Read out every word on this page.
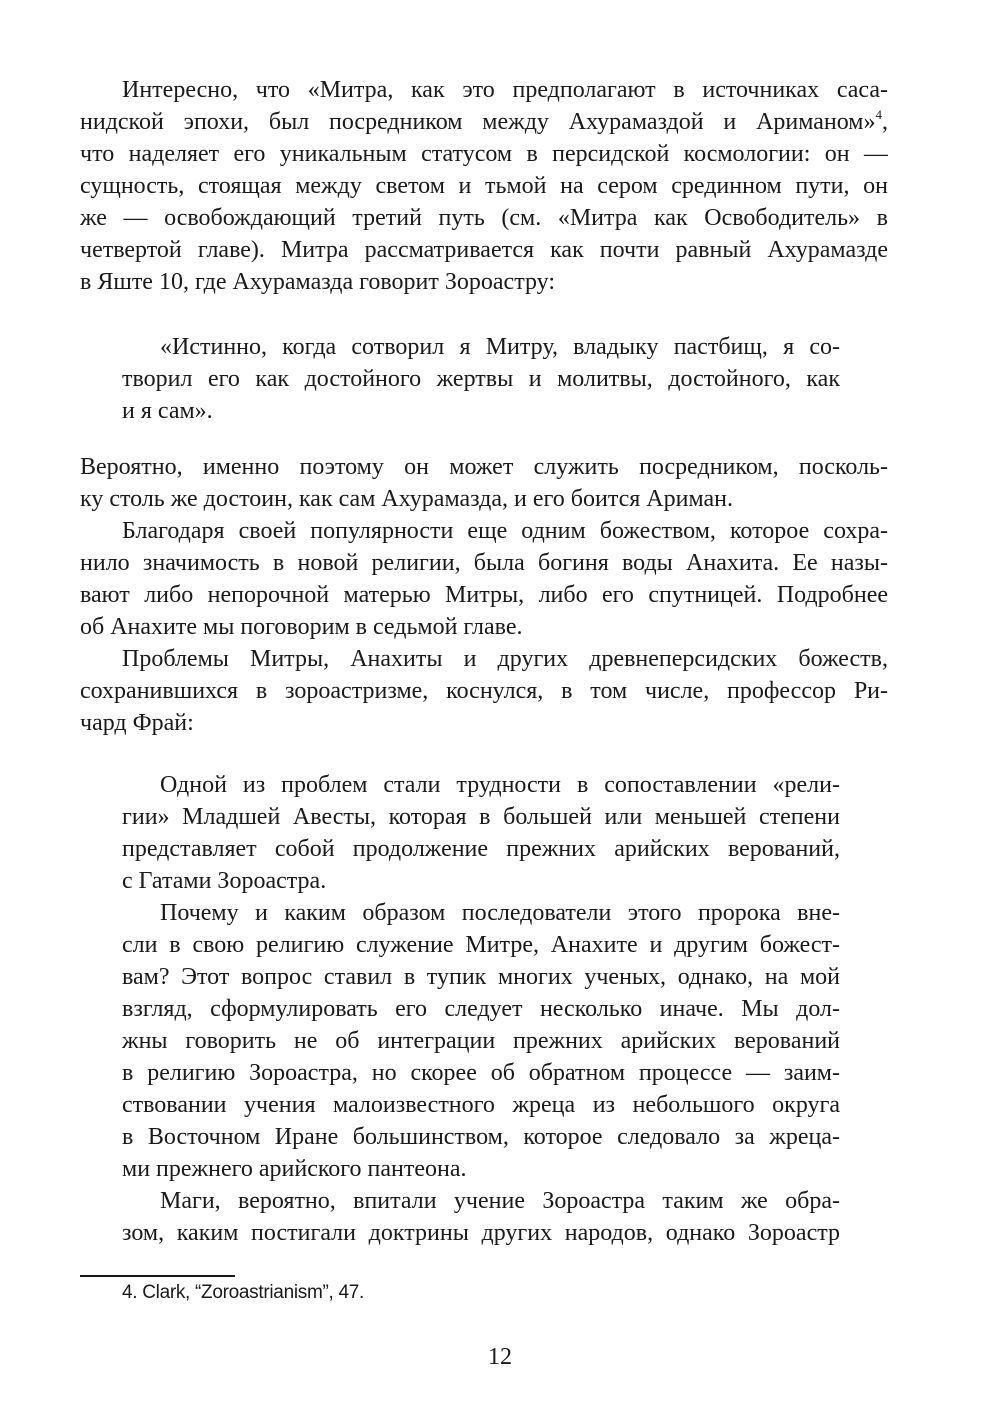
Интересно, что «Митра, как это предполагают в источниках саса-
нидской эпохи, был посредником между Ахурамаздой и Ариманом»$^4$,
что наделяет его уникальным статусом в персидской космологии: он —
сущность, стоящая между светом и тьмой на сером срединном пути, он
же — освобождающий третий путь (см. «Митра как Освободитель» в
четвертой главе). Митра рассматривается как почти равный Ахурамазде
в Яште 10, где Ахурамазда говорит Зороастру:
«Истинно, когда сотворил я Митру, владыку пастбищ, я со-
творил его как достойного жертвы и молитвы, достойного, как
и я сам».
Вероятно, именно поэтому он может служить посредником, посколь-
ку столь же достоин, как сам Ахурамазда, и его боится Ариман.
Благодаря своей популярности еще одним божеством, которое сохра-
нило значимость в новой религии, была богиня воды Анахита. Ее назы-
вают либо непорочной матерью Митры, либо его спутницей. Подробнее
об Анахите мы поговорим в седьмой главе.
Проблемы Митры, Анахиты и других древнеперсидских божеств,
сохранившихся в зороастризме, коснулся, в том числе, профессор Ри-
чард Фрай:
Одной из проблем стали трудности в сопоставлении «рели-
гии» Младшей Авесты, которая в большей или меньшей степени
представляет собой продолжение прежних арийских верований,
с Гатами Зороастра.
Почему и каким образом последователи этого пророка вне-
сли в свою религию служение Митре, Анахите и другим божест-
вам? Этот вопрос ставил в тупик многих ученых, однако, на мой
взгляд, сформулировать его следует несколько иначе. Мы дол-
жны говорить не об интеграции прежних арийских верований
в религию Зороастра, но скорее об обратном процессе — заим-
ствовании учения малоизвестного жреца из небольшого округа
в Восточном Иране большинством, которое следовало за жреца-
ми прежнего арийского пантеона.
Маги, вероятно, впитали учение Зороастра таким же обра-
зом, каким постигали доктрины других народов, однако Зороастр
4. Clark, “Zoroastrianism”, 47.
12
